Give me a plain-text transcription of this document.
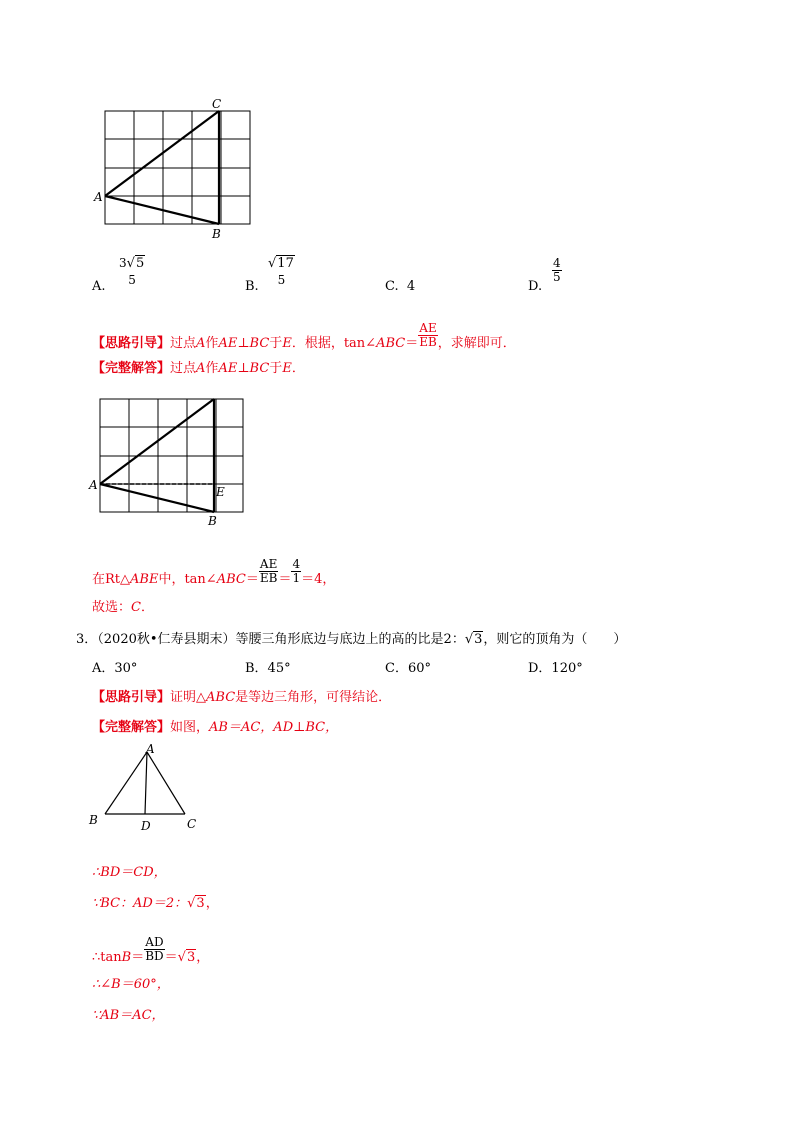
C
A
B
A.
3√5
5	B.
√17
5	C. 4	D.
$\frac{4}{5}$
【思路引导】过点A作AE⊥BC于E．根据，tan∠ABC＝ $\frac{AE}{EB}$ ，求解即可．
【完整解答】过点A作AE⊥BC于E．
A	E
B
在Rt△ABE中，tan∠ABC＝ $\frac{AE}{EB} = \frac{4}{1} =4$，
故选：C．
3．（2020秋•仁寿县期末）等腰三角形底边与底边上的高的比是2：√3，则它的顶角为（　　）
A．30°	B．45°	C．60°	D．120°
【思路引导】证明△ABC是等边三角形，可得结论．
【完整解答】如图，AB＝AC，AD⊥BC，
A
B	D	C
∴BD＝CD，
∵BC：AD＝2：√3，
∴tanB＝ $\frac{AD}{BD} =√3$，
∴∠B＝60°，
∵AB＝AC，
